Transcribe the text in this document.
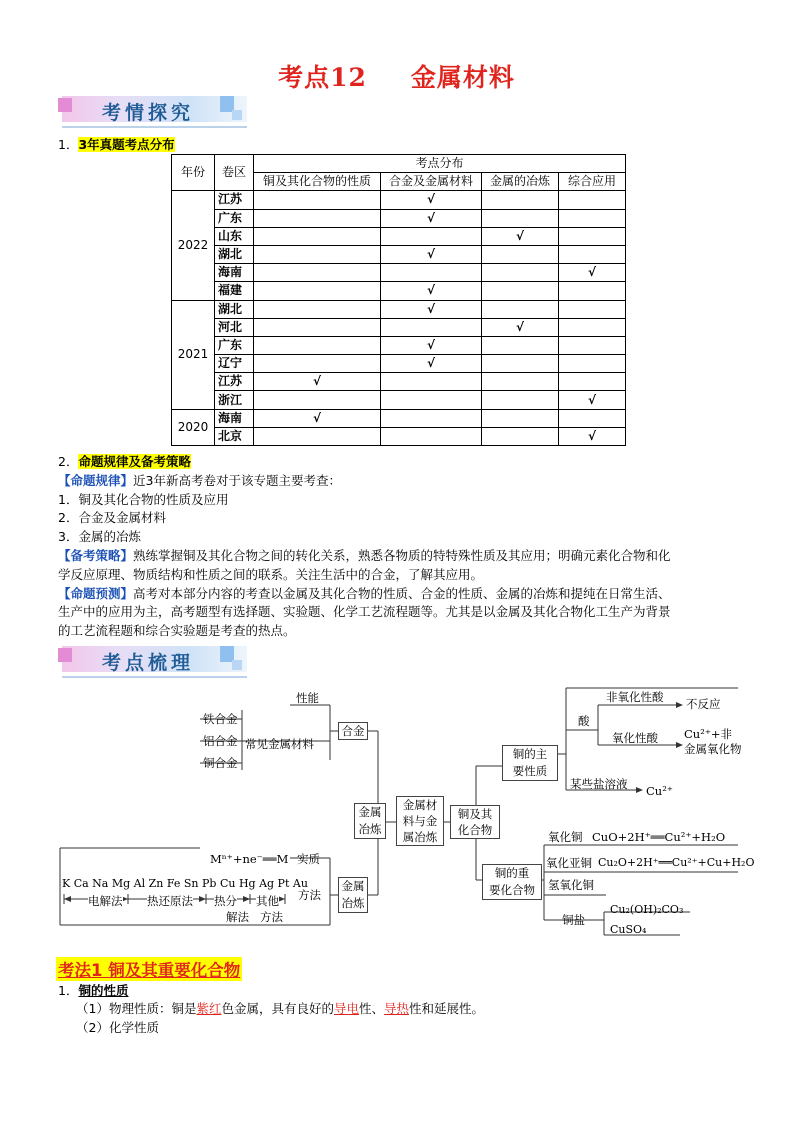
考点12 金属材料
考情探究
1．3年真题考点分布
年份	卷区	考点分布			
		铜及其化合物的性质	合金及金属材料	金属的冶炼	综合应用
2022	江苏		√		
	广东		√		
	山东			√	
	湖北		√		
	海南				√
	福建		√		
2021	湖北		√		
	河北			√	
	广东		√		
	辽宁		√		
	江苏	√			
	浙江				√
2020	海南	√			
	北京				√
2．命题规律及备考策略
【命题规律】近3年新高考卷对于该专题主要考查：
1．铜及其化合物的性质及应用
2．合金及金属材料
3．金属的冶炼
【备考策略】熟练掌握铜及其化合物之间的转化关系，熟悉各物质的特特殊性质及其应用；明确元素化合物和化
学反应原理、物质结构和性质之间的联系。关注生活中的合金，了解其应用。
【命题预测】高考对本部分内容的考查以金属及其化合物的性质、合金的性质、金属的冶炼和提纯在日常生活、
生产中的应用为主，高考题型有选择题、实验题、化学工艺流程题等。尤其是以金属及其化合物化工生产为背景
的工艺流程题和综合实验题是考查的热点。
考点梳理
性能
铁合金
铝合金
铜合金
常见金属材料
合金
金属
冶炼
金属材
料与金
属冶炼
Mⁿ⁺+ne⁻══M 实质
方法
金属
冶炼
K Ca Na Mg Al Zn Fe Sn Pb Cu Hg Ag Pt Au
电解法 热还原法 热分 其他
解法 方法
铜及其
化合物
铜的主
要性质
酸
非氧化性酸 不反应
氧化性酸 Cu²⁺+非
金属氧化物
某些盐溶液 Cu²⁺
铜的重
要化合物
氧化铜 CuO+2H⁺══Cu²⁺+H₂O
氧化亚铜 Cu₂O+2H⁺══Cu²⁺+Cu+H₂O
氢氧化铜
铜盐
Cu₂(OH)₂CO₃
CuSO₄
考法1 铜及其重要化合物
1．铜的性质
（1）物理性质：铜是紫红色金属，具有良好的导电性、导热性和延展性。
（2）化学性质
